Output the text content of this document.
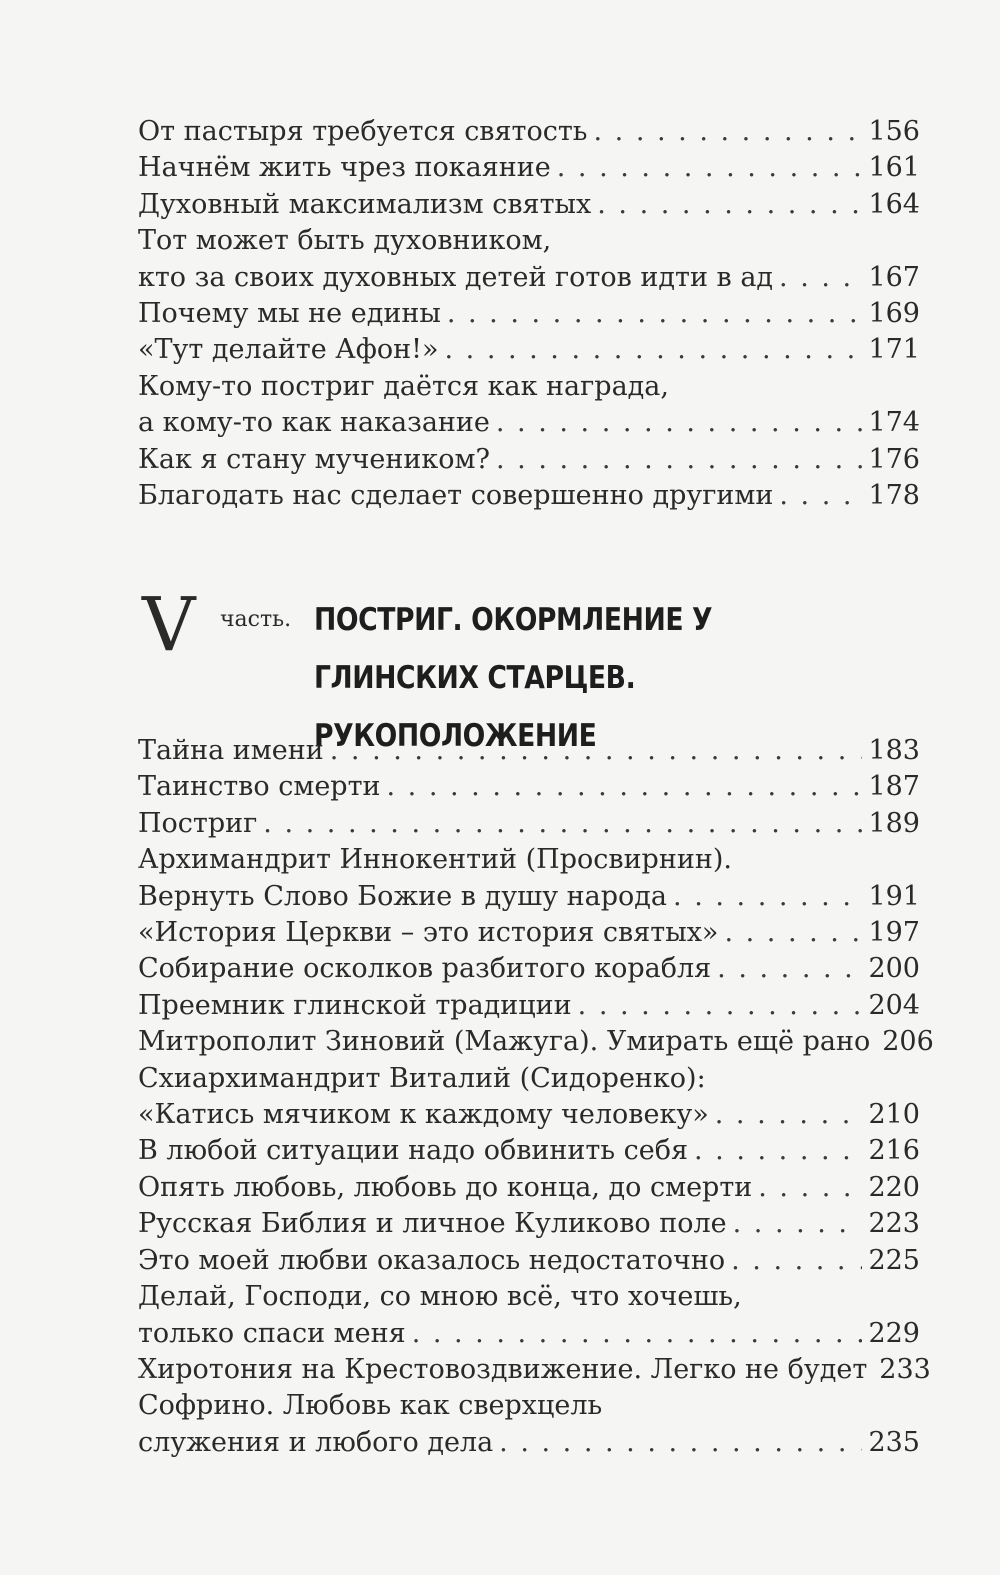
От пастыря требуется святость . . .	156
Начнём жить чрез покаяние . . .	161
Духовный максимализм святых . . .	164
Тот может быть духовником,
кто за своих духовных детей готов идти в ад . . .	167
Почему мы не едины . . .	169
«Тут делайте Афон!» . . .	171
Кому-то постриг даётся как награда,
а кому-то как наказание . . .	174
Как я стану мучеником? . . .	176
Благодать нас сделает совершенно другими . . .	178
V часть. ПОСТРИГ. ОКОРМЛЕНИЕ У ГЛИНСКИХ СТАРЦЕВ.
РУКОПОЛОЖЕНИЕ
Тайна имени . . .	183
Таинство смерти . . .	187
Постриг . . .	189
Архимандрит Иннокентий (Просвирнин).
Вернуть Слово Божие в душу народа . . .	191
«История Церкви – это история святых» . . .	197
Собирание осколков разбитого корабля . . .	200
Преемник глинской традиции . . .	204
Митрополит Зиновий (Мажуга). Умирать ещё рано 206
Схиархимандрит Виталий (Сидоренко):
«Катись мячиком к каждому человеку» . . .	210
В любой ситуации надо обвинить себя . . .	216
Опять любовь, любовь до конца, до смерти . . .	220
Русская Библия и личное Куликово поле . . .	223
Это моей любви оказалось недостаточно . . .	225
Делай, Господи, со мною всё, что хочешь,
только спаси меня . . .	229
Хиротония на Крестовоздвижение. Легко не будет 233
Софрино. Любовь как сверхцель
служения и любого дела . . .	235
